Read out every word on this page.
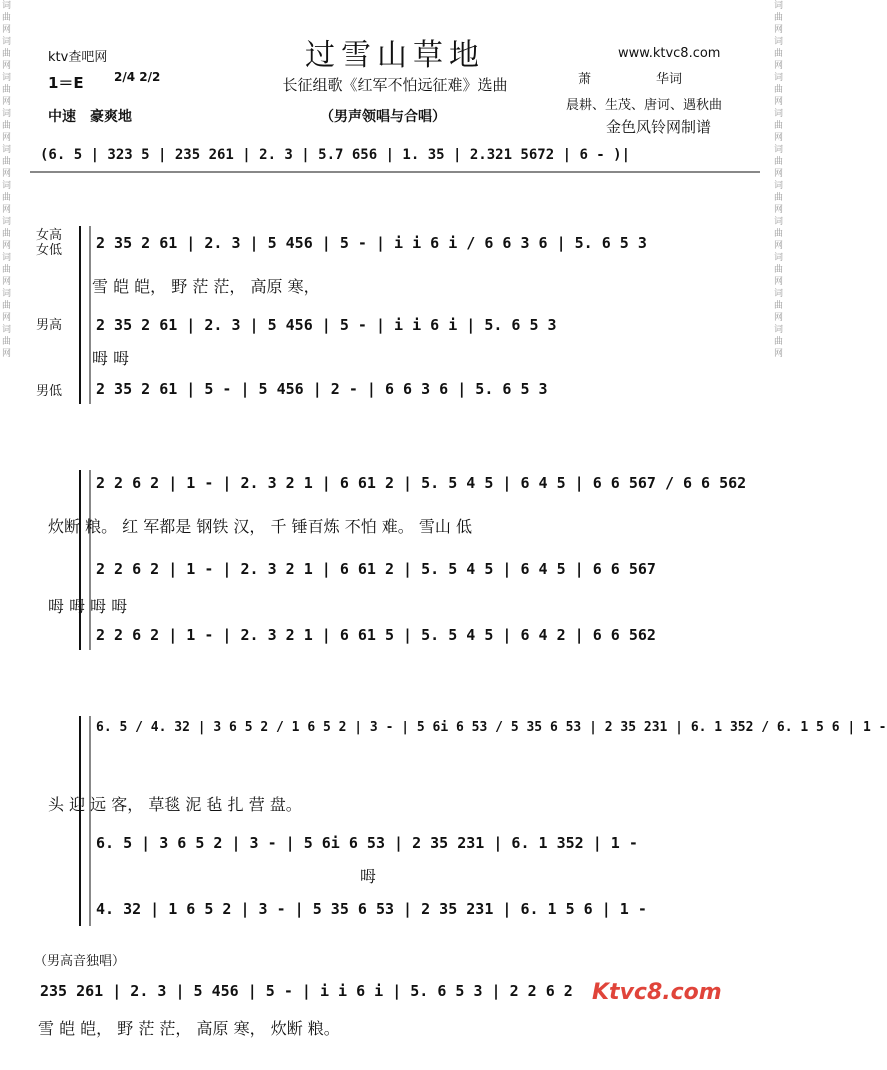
词曲网词曲网词曲网词曲网词曲网词曲网词曲网词曲网词曲网词曲网
词曲网词曲网词曲网词曲网词曲网词曲网词曲网词曲网词曲网词曲网
过雪山草地
ktv查吧网	www.ktvc8.com
1＝E	2/4 2/2	长征组歌《红军不怕远征难》选曲	萧　　　　　华词
晨耕、生茂、唐诃、遇秋曲
中速　豪爽地	（男声领唱与合唱）
金色风铃网制谱
(6. 5 | 323 5 | 235 261 | 2. 3 | 5.7 656 | 1. 35 | 2.321 5672 | 6 - )|
女高
女低 2 35 2 61 | 2. 3 | 5 456 | 5 - | i i 6 i / 6 6 3 6 | 5. 6 5 3
雪 皑 皑， 野 茫 茫， 高原 寒，
男高 2 35 2 61 | 2. 3 | 5 456 | 5 - | i i 6 i | 5. 6 5 3
呣 呣
男低 2 35 2 61 | 5 - | 5 456 | 2 - | 6 6 3 6 | 5. 6 5 3
2 2 6 2 | 1 - | 2. 3 2 1 | 6 61 2 | 5. 5 4 5 | 6 4 5 | 6 6 567 / 6 6 562
炊断 粮。 红 军都是 钢铁 汉， 千 锤百炼 不怕 难。 雪山 低
2 2 6 2 | 1 - | 2. 3 2 1 | 6 61 2 | 5. 5 4 5 | 6 4 5 | 6 6 567
呣 呣 呣 呣
2 2 6 2 | 1 - | 2. 3 2 1 | 6 61 5 | 5. 5 4 5 | 6 4 2 | 6 6 562
6. 5 / 4. 32 | 3 6 5 2 / 1 6 5 2 | 3 - | 5 6i 6 53 / 5 35 6 53 | 2 35 231 | 6. 1 352 / 6. 1 5 6 | 1 -
头 迎 远 客， 草毯 泥 毡 扎 营 盘。
6. 5 | 3 6 5 2 | 3 - | 5 6i 6 53 | 2 35 231 | 6. 1 352 | 1 -
呣
4. 32 | 1 6 5 2 | 3 - | 5 35 6 53 | 2 35 231 | 6. 1 5 6 | 1 -
（男高音独唱）
235 261 | 2. 3 | 5 456 | 5 - | i i 6 i | 5. 6 5 3 | 2 2 6 2
雪 皑 皑， 野 茫 茫， 高原 寒， 炊断 粮。
Ktvc8.com
